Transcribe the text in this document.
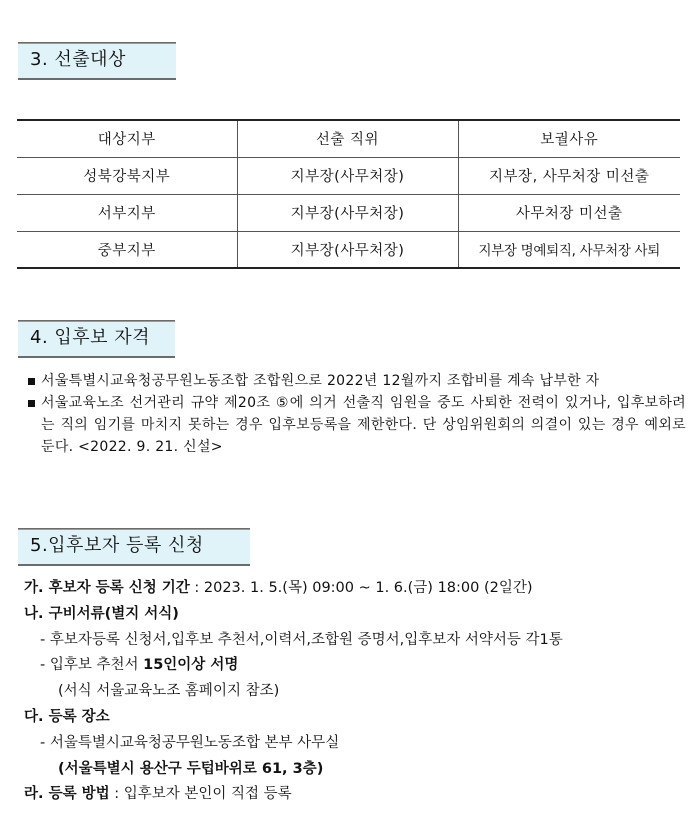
3. 선출대상
대상지부	선출 직위	보궐사유
성북강북지부	지부장(사무처장)	지부장, 사무처장 미선출
서부지부	지부장(사무처장)	사무처장 미선출
중부지부	지부장(사무처장)	지부장 명예퇴직, 사무처장 사퇴
4. 입후보 자격
서울특별시교육청공무원노동조합 조합원으로 2022년 12월까지 조합비를 계속 납부한 자
서울교육노조 선거관리 규약 제20조 ⑤에 의거 선출직 임원을 중도 사퇴한 전력이 있거나, 입후보하려는 직의 임기를 마치지 못하는 경우 입후보등록을 제한한다. 단 상임위원회의 의결이 있는 경우 예외로 둔다. <2022. 9. 21. 신설>
5.입후보자 등록 신청
가. 후보자 등록 신청 기간 : 2023. 1. 5.(목) 09:00 ~ 1. 6.(금) 18:00 (2일간)
나. 구비서류(별지 서식)
- 후보자등록 신청서,입후보 추천서,이력서,조합원 증명서,입후보자 서약서등 각1통
- 입후보 추천서 15인이상 서명
(서식 서울교육노조 홈페이지 참조)
다. 등록 장소
- 서울특별시교육청공무원노동조합 본부 사무실
(서울특별시 용산구 두텁바위로 61, 3층)
라. 등록 방법 : 입후보자 본인이 직접 등록
